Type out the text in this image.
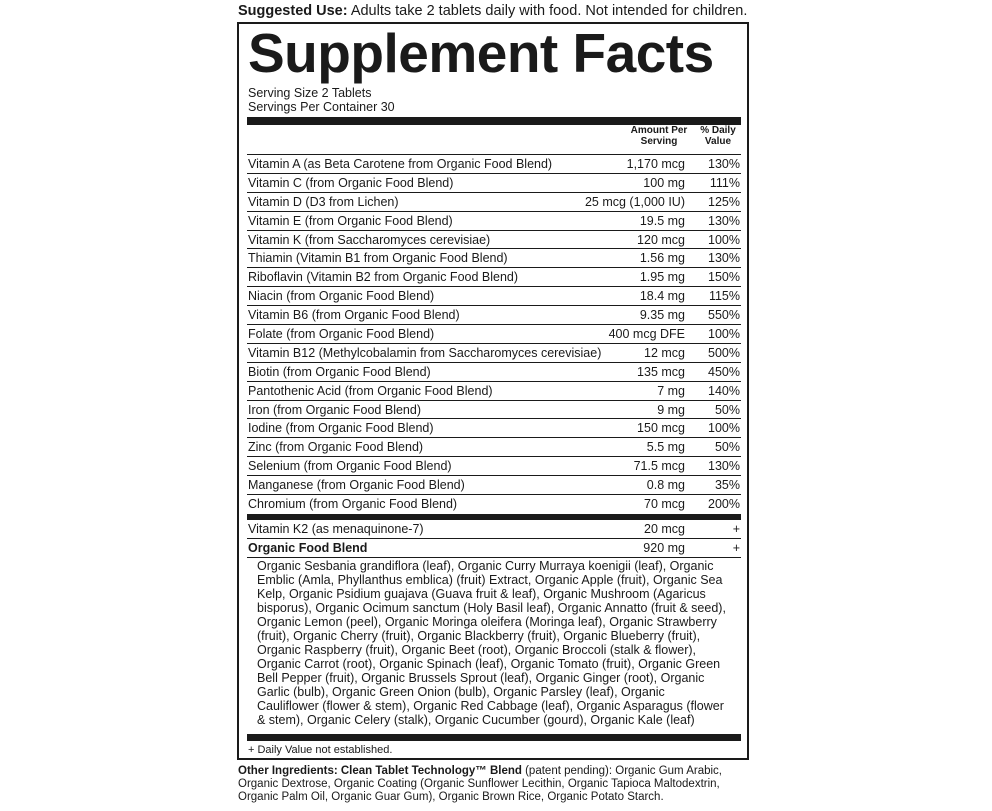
Suggested Use: Adults take 2 tablets daily with food. Not intended for children.
Supplement Facts
Serving Size 2 Tablets
Servings Per Container 30
Amount Per
Serving
% Daily
Value
Vitamin A (as Beta Carotene from Organic Food Blend)	1,170 mcg 130%
Vitamin C (from Organic Food Blend)	100 mg 111%
Vitamin D (D3 from Lichen)	25 mcg (1,000 IU) 125%
Vitamin E (from Organic Food Blend)	19.5 mg 130%
Vitamin K (from Saccharomyces cerevisiae)	120 mcg 100%
Thiamin (Vitamin B1 from Organic Food Blend)	1.56 mg 130%
Riboflavin (Vitamin B2 from Organic Food Blend)	1.95 mg 150%
Niacin (from Organic Food Blend)	18.4 mg 115%
Vitamin B6 (from Organic Food Blend)	9.35 mg 550%
Folate (from Organic Food Blend)	400 mcg DFE 100%
Vitamin B12 (Methylcobalamin from Saccharomyces cerevisiae)	12 mcg 500%
Biotin (from Organic Food Blend)	135 mcg 450%
Pantothenic Acid (from Organic Food Blend)	7 mg 140%
Iron (from Organic Food Blend)	9 mg 50%
Iodine (from Organic Food Blend)	150 mcg 100%
Zinc (from Organic Food Blend)	5.5 mg 50%
Selenium (from Organic Food Blend)	71.5 mcg 130%
Manganese (from Organic Food Blend)	0.8 mg 35%
Chromium (from Organic Food Blend)	70 mcg 200%
Vitamin K2 (as menaquinone-7)	20 mcg	+
Organic Food Blend	920 mg	+
Organic Sesbania grandiflora (leaf), Organic Curry Murraya koenigii (leaf), Organic
Emblic (Amla, Phyllanthus emblica) (fruit) Extract, Organic Apple (fruit), Organic Sea
Kelp, Organic Psidium guajava (Guava fruit & leaf), Organic Mushroom (Agaricus
bisporus), Organic Ocimum sanctum (Holy Basil leaf), Organic Annatto (fruit & seed),
Organic Lemon (peel), Organic Moringa oleifera (Moringa leaf), Organic Strawberry
(fruit), Organic Cherry (fruit), Organic Blackberry (fruit), Organic Blueberry (fruit),
Organic Raspberry (fruit), Organic Beet (root), Organic Broccoli (stalk & flower),
Organic Carrot (root), Organic Spinach (leaf), Organic Tomato (fruit), Organic Green
Bell Pepper (fruit), Organic Brussels Sprout (leaf), Organic Ginger (root), Organic
Garlic (bulb), Organic Green Onion (bulb), Organic Parsley (leaf), Organic
Cauliflower (flower & stem), Organic Red Cabbage (leaf), Organic Asparagus (flower
& stem), Organic Celery (stalk), Organic Cucumber (gourd), Organic Kale (leaf)
+ Daily Value not established.
Other Ingredients: Clean Tablet Technology™ Blend (patent pending): Organic Gum Arabic,
Organic Dextrose, Organic Coating (Organic Sunflower Lecithin, Organic Tapioca Maltodextrin,
Organic Palm Oil, Organic Guar Gum), Organic Brown Rice, Organic Potato Starch.
